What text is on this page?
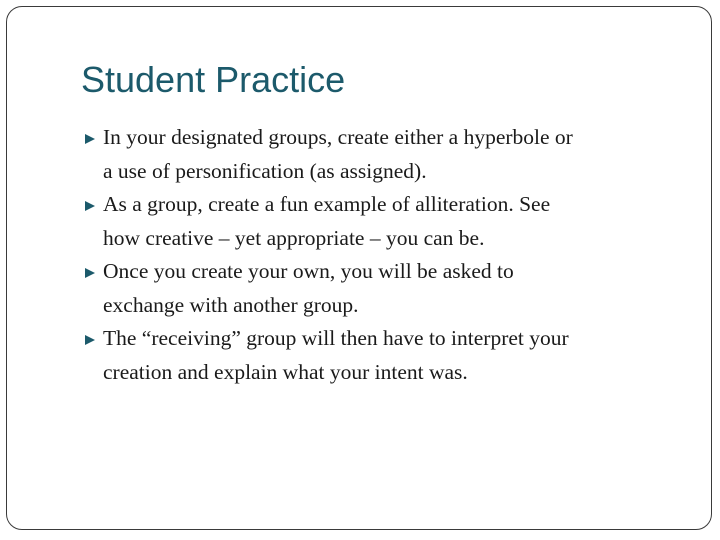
Student Practice
In your designated groups, create either a hyperbole or
a use of personification (as assigned).
As a group, create a fun example of alliteration. See
how creative – yet appropriate – you can be.
Once you create your own, you will be asked to
exchange with another group.
The “receiving” group will then have to interpret your
creation and explain what your intent was.
